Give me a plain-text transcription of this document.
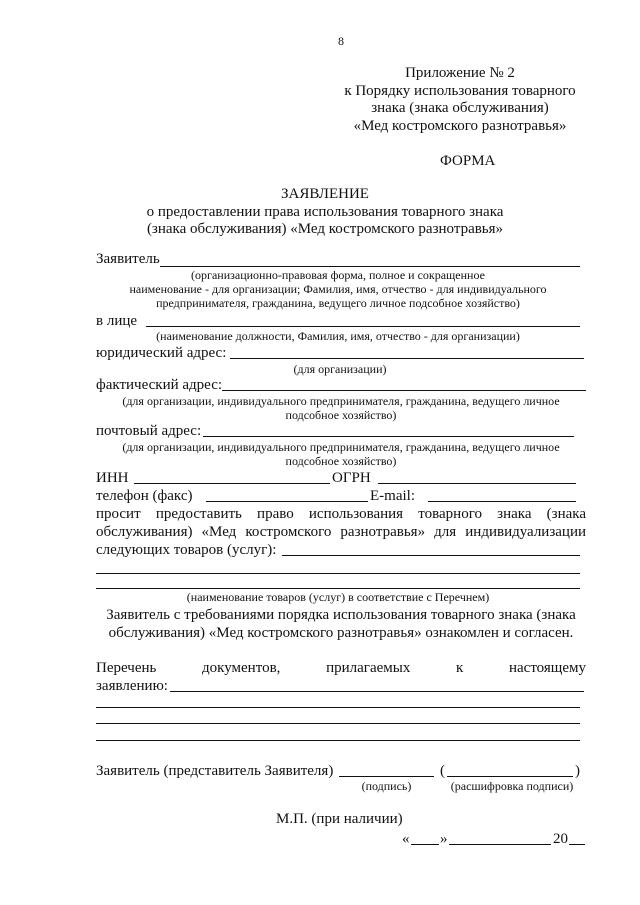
8
Приложение № 2
к Порядку использования товарного
знака (знака обслуживания)
«Мед костромского разнотравья»
ФОРМА
ЗАЯВЛЕНИЕ
о предоставлении права использования товарного знака
(знака обслуживания) «Мед костромского разнотравья»
Заявитель
(организационно-правовая форма, полное и сокращенное
наименование - для организации; Фамилия, имя, отчество - для индивидуального
предпринимателя, гражданина, ведущего личное подсобное хозяйство)
в лице
(наименование должности, Фамилия, имя, отчество - для организации)
юридический адрес:
(для организации)
фактический адрес:
(для организации, индивидуального предпринимателя, гражданина, ведущего личное
подсобное хозяйство)
почтовый адрес:
(для организации, индивидуального предпринимателя, гражданина, ведущего личное
подсобное хозяйство)
ИНН	ОГРН
телефон (факс)	E-mail:
просит предоставить право использования товарного знака (знака
обслуживания) «Мед костромского разнотравья» для индивидуализации
следующих товаров (услуг):
(наименование товаров (услуг) в соответствие с Перечнем)
Заявитель с требованиями порядка использования товарного знака (знака
обслуживания) «Мед костромского разнотравья» ознакомлен и согласен.
Перечень документов, прилагаемых к настоящему
заявлению:
Заявитель (представитель Заявителя)	(	)
(подпись)	(расшифровка подписи)
М.П. (при наличии)
« »	20
